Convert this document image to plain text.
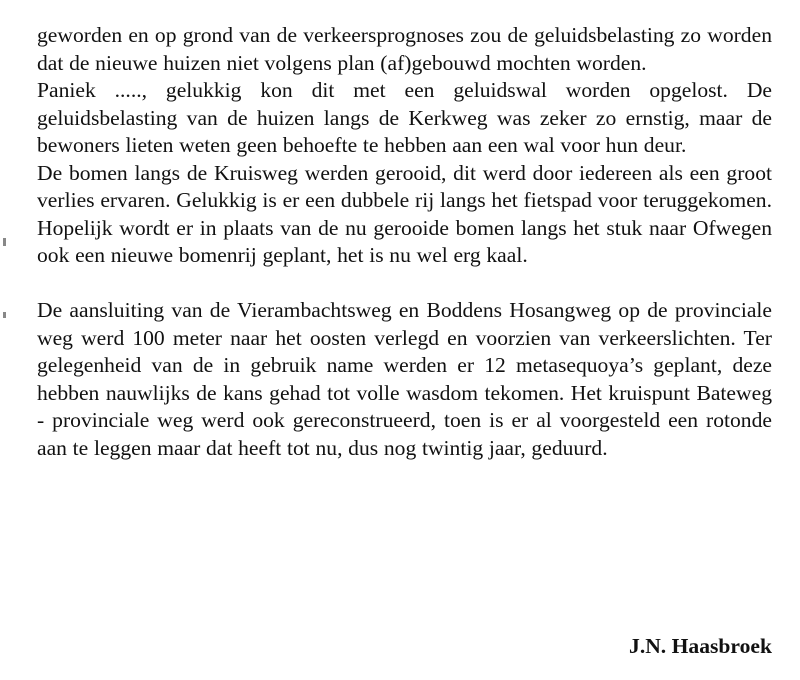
geworden en op grond van de verkeersprognoses zou de geluidsbelasting zo worden dat de nieuwe huizen niet volgens plan (af)gebouwd mochten worden.

Paniek ....., gelukkig kon dit met een geluidswal worden opgelost. De geluidsbelasting van de huizen langs de Kerkweg was zeker zo ernstig, maar de bewoners lieten weten geen behoefte te hebben aan een wal voor hun deur.

De bomen langs de Kruisweg werden gerooid, dit werd door iedereen als een groot verlies ervaren. Gelukkig is er een dubbele rij langs het fietspad voor teruggekomen. Hopelijk wordt er in plaats van de nu gerooide bomen langs het stuk naar Ofwegen ook een nieuwe bomenrij geplant, het is nu wel erg kaal.

De aansluiting van de Vierambachtsweg en Boddens Hosangweg op de provinciale weg werd 100 meter naar het oosten verlegd en voorzien van verkeerslichten. Ter gelegenheid van de in gebruik name werden er 12 metasequoya’s geplant, deze hebben nauwlijks de kans gehad tot volle wasdom tekomen. Het kruispunt Bateweg - provinciale weg werd ook gereconstrueerd, toen is er al voorgesteld een rotonde aan te leggen maar dat heeft tot nu, dus nog twintig jaar, geduurd.

J.N. Haasbroek
